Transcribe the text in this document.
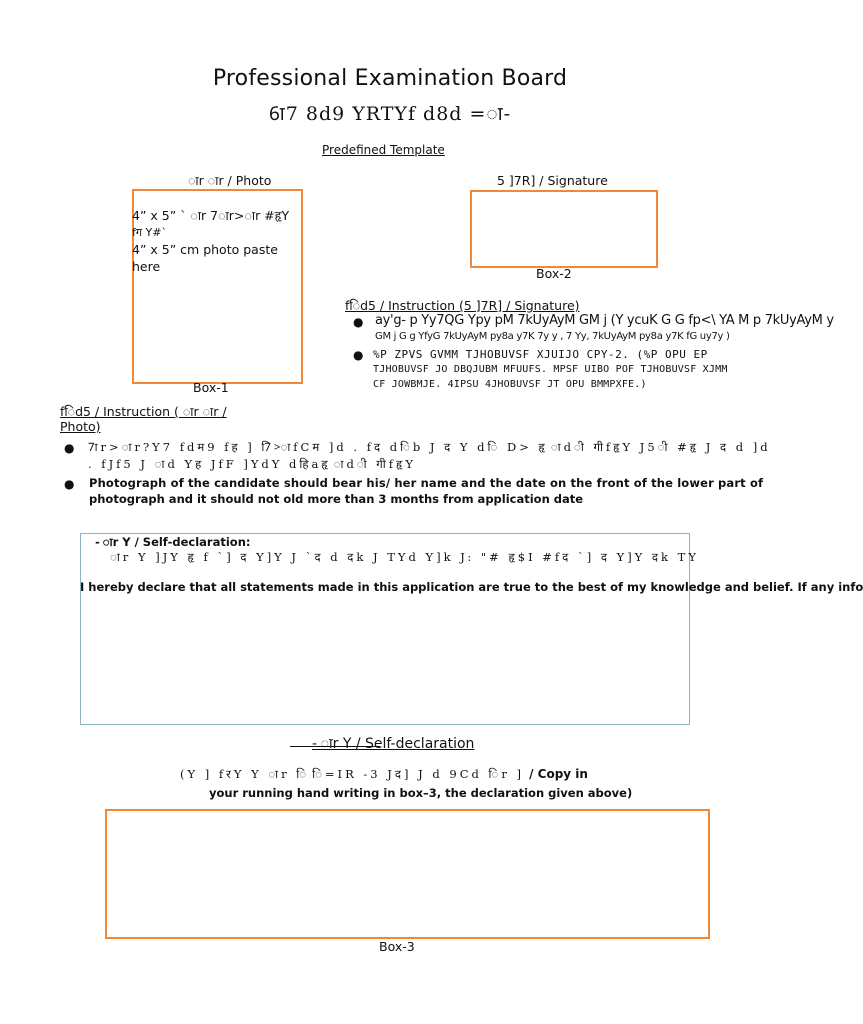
Professional Examination Board
6ा7 8d9 YRTYf d8d =ा-
Predefined Template
ाr ाr / Photo
4” x 5” ` ाr 7ाr>ाr #हृY
fग Y#`
4” x 5” cm photo paste
here
Box-1
5 ]7R] / Signature
Box-2
fिd5 / Instruction (5 ]7R] / Signature)
● ay'g- p Yy7QG Ypy pM 7kUyAyM GM j (Y ycuK G G fp<\ YA M p 7kUyAyM y
GM j G g YfyG 7kUyAyM py8a y7K 7y y , 7 Yy, 7kUyAyM py8a y7K fG uy7y )
● %P ZPVS GVMM TJHOBUVSF XJUIJO CPY-2. (%P OPU EP
TJHOBUVSF JO DBQJUBM MFUUFS. MPSF UIBO POF TJHOBUVSF XJMM
CF JOWBMJE. 4IPSU 4JHOBUVSF JT OPU BMMPXFE.)
fिd5 / Instruction ( ाr ाr /
Photo)
● 7ाr>ाr?Y7 fdम9 fह ] 7ि>ाfCम ]d . fद dिb J द Y dि D> हृ ाdी गीfहृY J5ी #हृ J द d ]d
. fJf5 J ाd Yह JfF ]YdY dहिaहृ ाdी गीfहृY
● Photograph of the candidate should bear his/ her name and the date on the front of the lower part of
photograph and it should not old more than 3 months from application date
- ाr Y / Self-declaration:
ाr Y ]JY हृ f `] द Y]Y J `द d दk J TYd Y]k J: "# हृ$I #fद `] द Y]Y दk TY
I hereby declare that all statements made in this application are true to the best of my knowledge and belief. If any info
- ाr Y / Self-declaration
(Y ] fरY Y ाr ि ि=IR -3 Jद] J d 9Cd िr ] / Copy in
your running hand writing in box–3, the declaration given above)
Box-3
